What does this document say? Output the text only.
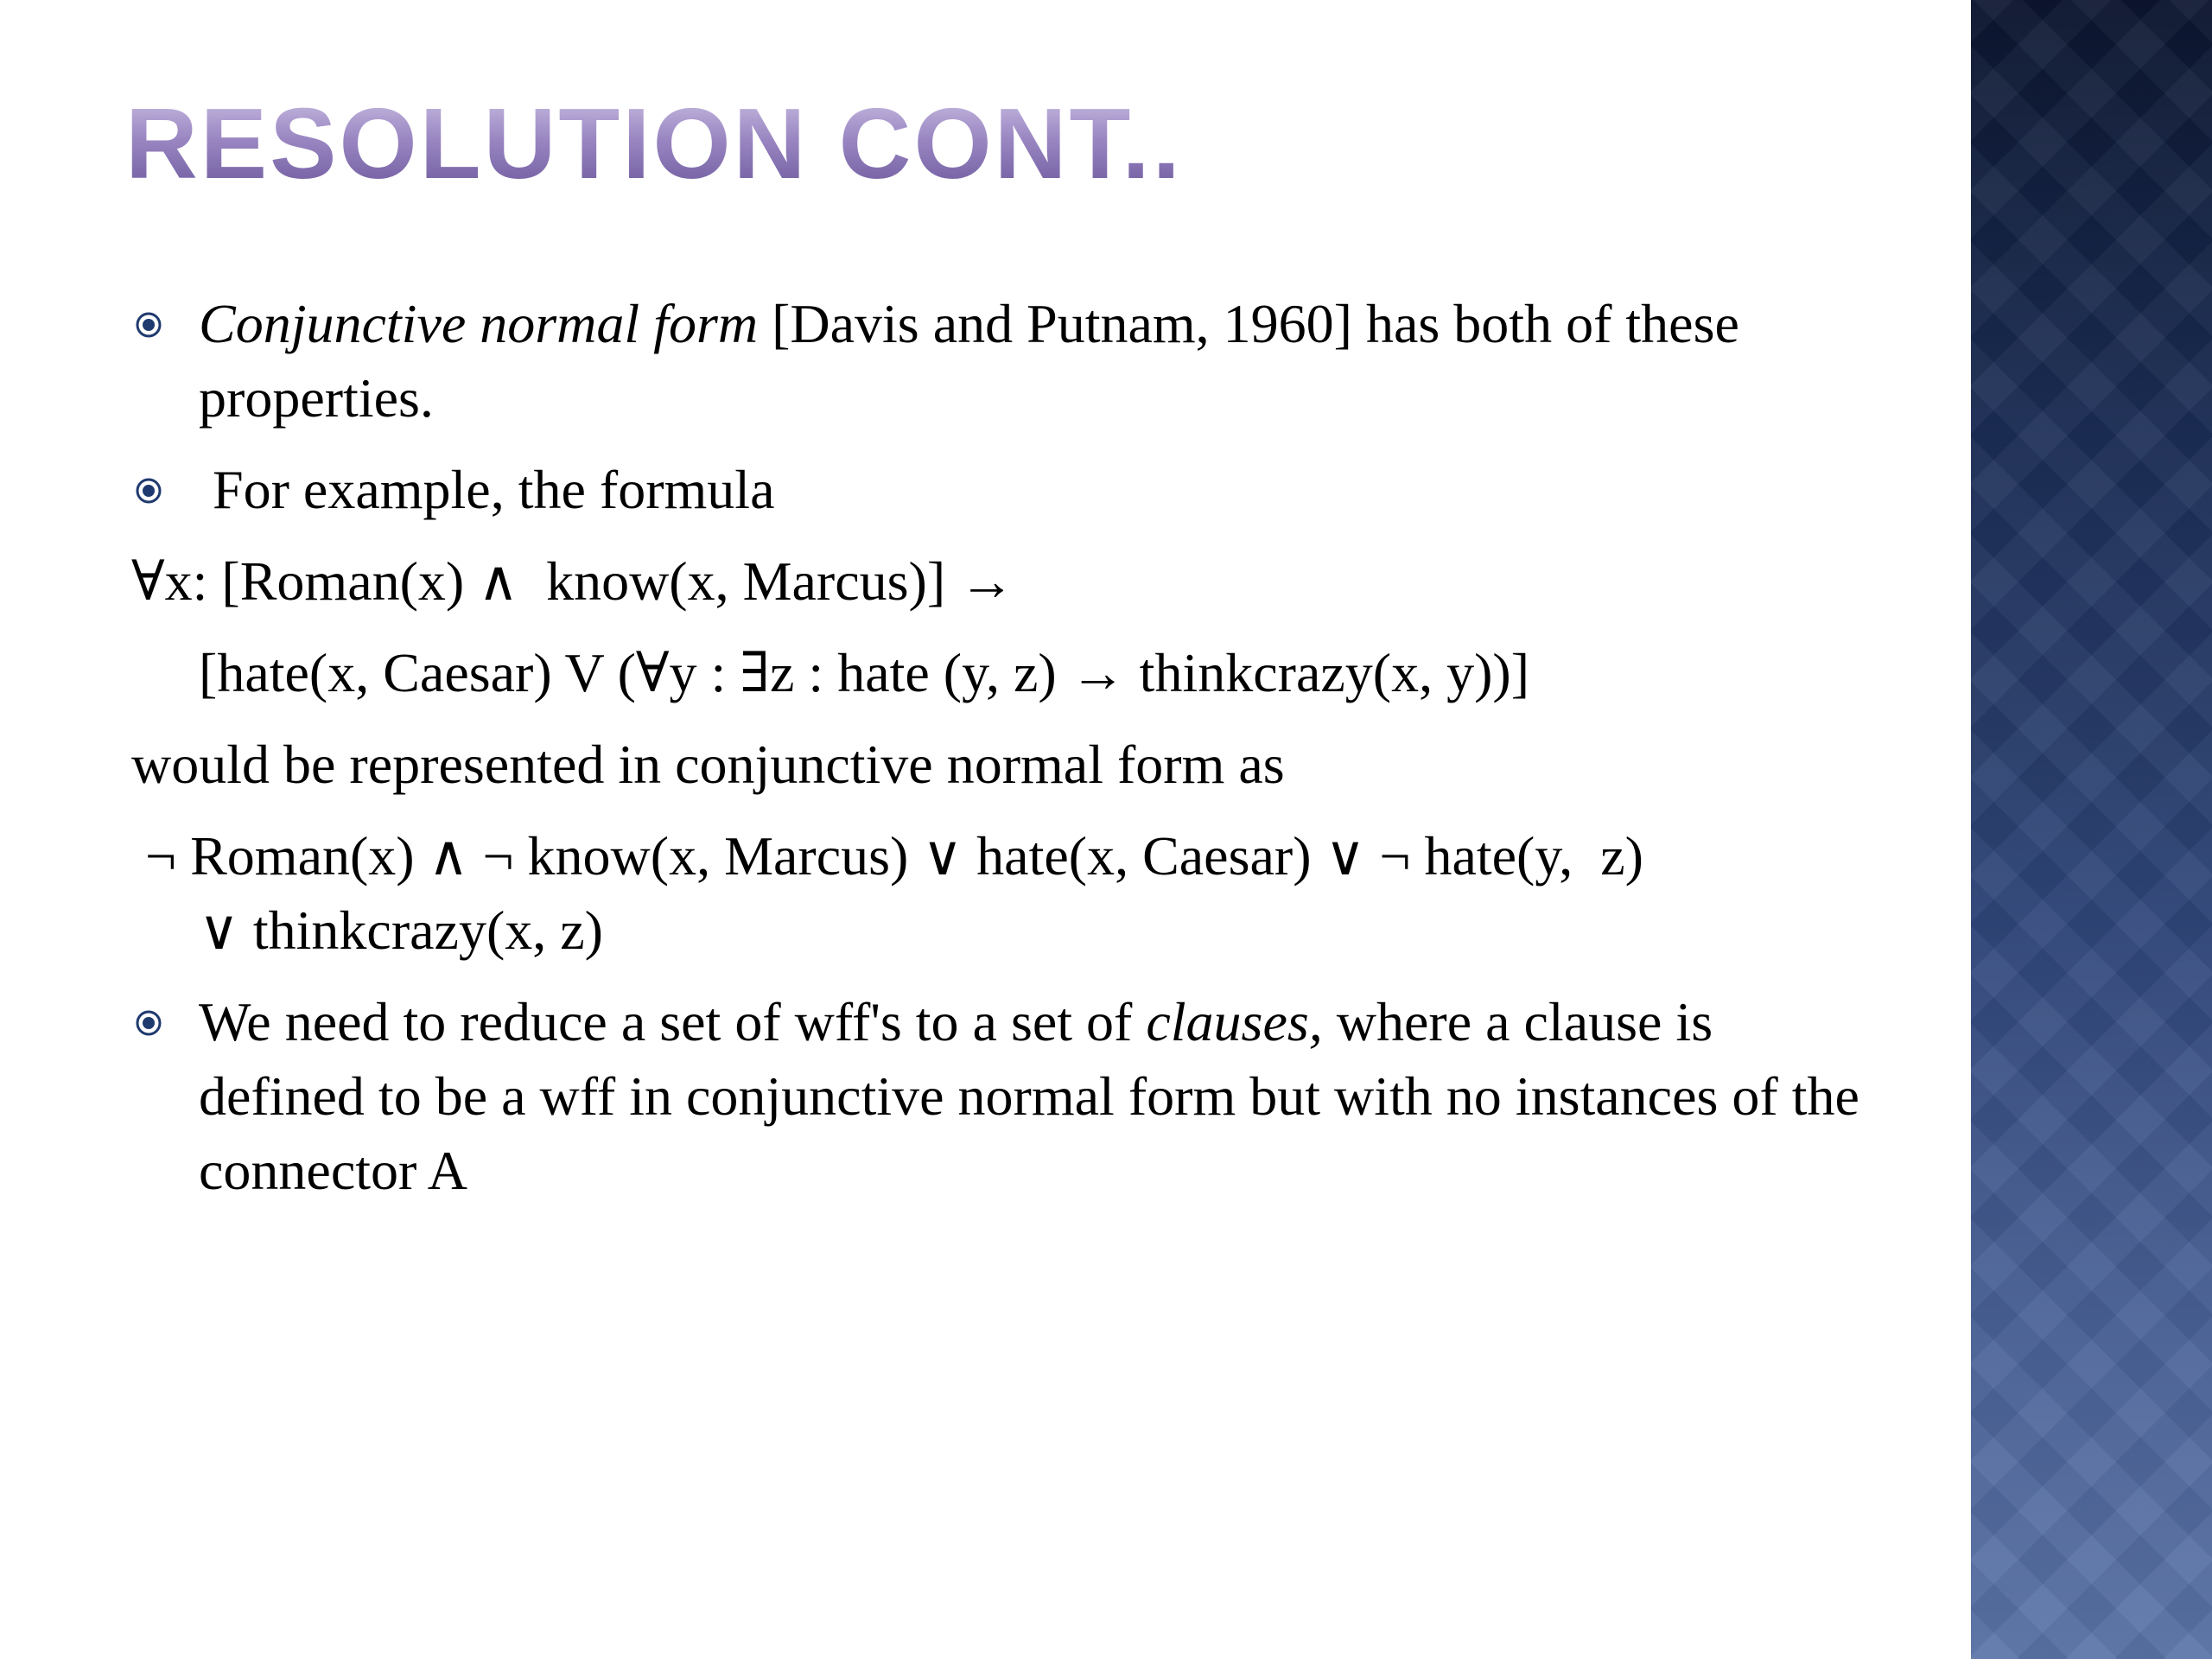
RESOLUTION CONT..
Conjunctive normal form [Davis and Putnam, 1960] has both of these properties.
For example, the formula
∀x: [Roman(x) ∧  know(x, Marcus)] →
[hate(x, Caesar) V (∀y : ∃z : hate (y, z) → thinkcrazy(x, y))]
would be represented in conjunctive normal form as
¬ Roman(x) ∧ ¬ know(x, Marcus) ∨ hate(x, Caesar) ∨ ¬ hate(y,  z)
∨ thinkcrazy(x, z)
We need to reduce a set of wff's to a set of clauses, where a clause is defined to be a wff in conjunctive normal form but with no instances of the connector A
